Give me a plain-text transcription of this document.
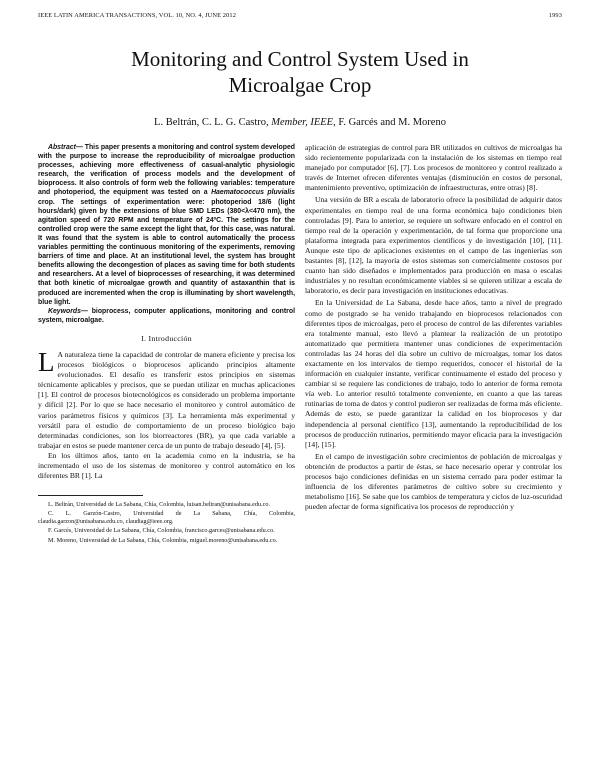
IEEE LATIN AMERICA TRANSACTIONS, VOL. 10, NO. 4, JUNE 2012	1993
Monitoring and Control System Used in
Microalgae Crop
L. Beltrán, C. L. G. Castro, Member, IEEE, F. Garcés and M. Moreno

Abstract— This paper presents a monitoring and control system developed with the purpose to increase the reproducibility of microalgae production processes, achieving more effectiveness of casual-analytic physiologic research, the verification of process models and the development of bioprocess. It also controls of form web the following variables: temperature and photoperiod, the equipment was tested on a Haematococcus pluvialis crop. The settings of experimentation were: photoperiod 18/6 (light hours/dark) given by the extensions of blue SMD LEDs (380<λ<470 nm), the agitation speed of 720 RPM and temperature of 24ºC. The settings for the controlled crop were the same except the light that, for this case, was natural. It was found that the system is able to control automatically the process variables permitting the continuous monitoring of the experiments, removing barriers of time and place. At an institutional level, the system has brought benefits allowing the decongestion of places as saving time for both students and researchers. At a level of bioprocesses of researching, it was determined that both kinetic of microalgae growth and quantity of astaxanthin that is produced are incremented when the crop is illuminating by short wavelength, blue light.

Keywords— bioprocess, computer applications, monitoring and control system, microalgae.

I. Introducción

L A naturaleza tiene la capacidad de controlar de manera eficiente y precisa los procesos biológicos o bioprocesos aplicando principios altamente evolucionados. El desafío es transferir estos principios en sistemas técnicamente aplicables y precisos, que se puedan utilizar en muchas aplicaciones [1]. El control de procesos biotecnológicos es considerado un problema importante y difícil [2]. Por lo que se hace necesario el monitoreo y control automático de varios parámetros físicos y químicos [3]. La herramienta más experimental y versátil para el estudio de comportamiento de un proceso biológico bajo determinadas condiciones, son los biorreactores (BR), ya que cada variable a trabajar en estos se puede mantener cerca de un punto de trabajo deseado [4], [5].

En los últimos años, tanto en la academia como en la industria, se ha incrementado el uso de los sistemas de monitoreo y control automático en los diferentes BR [1]. La

L. Beltrán, Universidad de La Sabana, Chía, Colombia, luisan.beltran@unisabana.edu.co.

C. L. Garzón-Castro, Universidad de La Sabana, Chía, Colombia, claudia.garzon@unisabana.edu.co, claudiag@ieee.org.

F. Garcés, Universidad de La Sabana, Chía, Colombia, francisco.garces@unisabana.edu.co.

M. Moreno, Universidad de La Sabana, Chía, Colombia, miguel.moreno@unisabana.edu.co.

aplicación de estrategias de control para BR utilizados en cultivos de microalgas ha sido recientemente popularizada con la instalación de los sistemas en tiempo real manejado por computador [6], [7]. Los procesos de monitoreo y control realizado a través de Internet ofrecen diferentes ventajas (disminución en costos de personal, mantenimiento preventivo, optimización de infraestructuras, entre otras) [8].

Una versión de BR a escala de laboratorio ofrece la posibilidad de adquirir datos experimentales en tiempo real de una forma económica bajo condiciones bien controladas [9]. Para lo anterior, se requiere un software enfocado en el control en tiempo real de la operación y experimentación, de tal forma que proporcione una plataforma integrada para experimentos científicos y de investigación [10], [11]. Aunque este tipo de aplicaciones existentes en el campo de las ingenierías son bastantes [8], [12], la mayoría de estos sistemas son comercialmente costosos por cuanto han sido diseñados e implementados para producción en masa o escalas industriales y no resultan económicamente viables si se quieren utilizar a escala de laboratorio, es decir para investigación en instituciones educativas.

En la Universidad de La Sabana, desde hace años, tanto a nivel de pregrado como de postgrado se ha venido trabajando en bioprocesos relacionados con diferentes tipos de microalgas, pero el proceso de control de las diferentes variables era totalmente manual, esto llevó a plantear la realización de un prototipo automatizado que permitiera mantener unas condiciones de experimentación controladas las 24 horas del día sobre un cultivo de microalgas, tomar los datos exactamente en los intervalos de tiempo requeridos, conocer el historial de la información en cualquier instante, verificar continuamente el estado del proceso y cambiar si se requiere las condiciones de trabajo, todo lo anterior de forma remota vía web. Lo anterior resultó totalmente conveniente, en cuanto a que las tareas rutinarias de toma de datos y control pudieron ser realizadas de forma más eficiente. Además de esto, se puede garantizar la calidad en los bioprocesos y dar independencia al personal científico [13], aumentando la reproducibilidad de los procesos de producción rutinarios, permitiendo mayor eficacia para la investigación [14], [15].

En el campo de investigación sobre crecimientos de población de microalgas y obtención de productos a partir de éstas, se hace necesario operar y controlar los procesos bajo condiciones definidas en un sistema cerrado para poder estimar la influencia de los diferentes parámetros de cultivo sobre su crecimiento y metabolismo [16]. Se sabe que los cambios de temperatura y ciclos de luz-oscuridad pueden afectar de forma significativa los procesos de reproducción y
